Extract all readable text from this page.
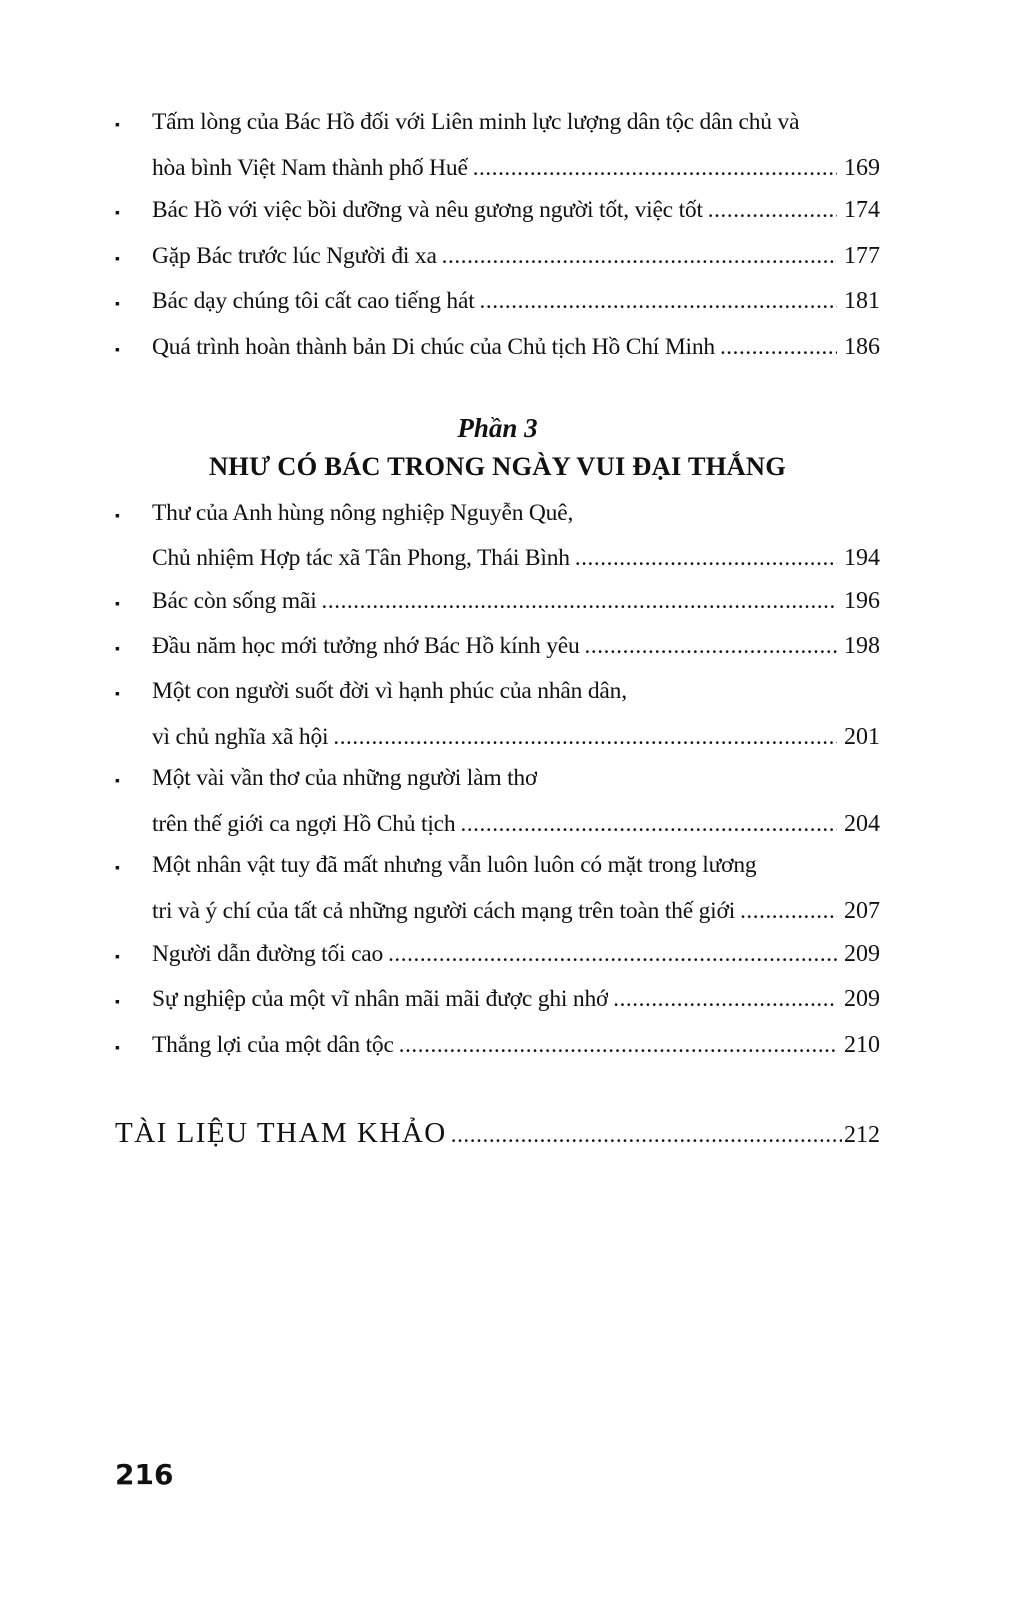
▪	Tấm lòng của Bác Hồ đối với Liên minh lực lượng dân tộc dân chủ và
hòa bình Việt Nam thành phố Huế .....	169
▪	Bác Hồ với việc bồi dưỡng và nêu gương người tốt, việc tốt .....	174
▪	Gặp Bác trước lúc Người đi xa .....	177
▪	Bác dạy chúng tôi cất cao tiếng hát .....	181
▪	Quá trình hoàn thành bản Di chúc của Chủ tịch Hồ Chí Minh .....	186
Phần 3
NHƯ CÓ BÁC TRONG NGÀY VUI ĐẠI THẮNG
▪	Thư của Anh hùng nông nghiệp Nguyễn Quê,
Chủ nhiệm Hợp tác xã Tân Phong, Thái Bình .....	194
▪	Bác còn sống mãi .....	196
▪	Đầu năm học mới tưởng nhớ Bác Hồ kính yêu .....	198
▪	Một con người suốt đời vì hạnh phúc của nhân dân,
vì chủ nghĩa xã hội .....	201
▪	Một vài vần thơ của những người làm thơ
trên thế giới ca ngợi Hồ Chủ tịch .....	204
▪	Một nhân vật tuy đã mất nhưng vẫn luôn luôn có mặt trong lương
tri và ý chí của tất cả những người cách mạng trên toàn thế giới .....	207
▪	Người dẫn đường tối cao .....	209
▪	Sự nghiệp của một vĩ nhân mãi mãi được ghi nhớ .....	209
▪	Thắng lợi của một dân tộc .....	210
TÀI LIỆU THAM KHẢO .....	212
216
